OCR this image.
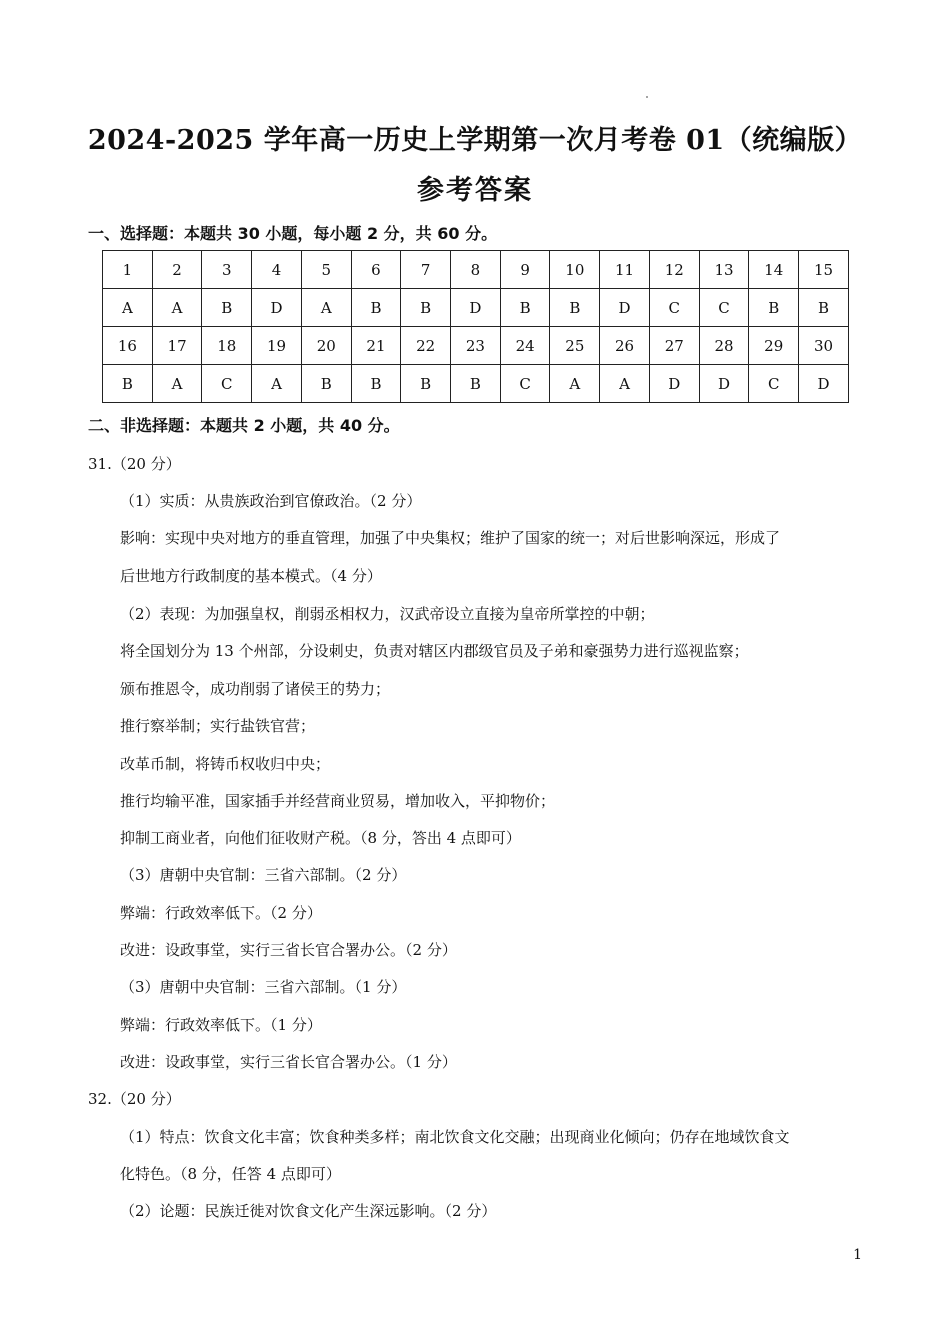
2024-2025 学年高一历史上学期第一次月考卷 01（统编版）
参考答案
一、选择题：本题共 30 小题，每小题 2 分，共 60 分。
1	2	3	4	5	6	7	8	9	10	11	12	13	14	15
A	A	B	D	A	B	B	D	B	B	D	C	C	B	B
16	17	18	19	20	21	22	23	24	25	26	27	28	29	30
B	A	C	A	B	B	B	B	C	A	A	D	D	C	D
二、非选择题：本题共 2 小题，共 40 分。
31.（20 分）
（1）实质：从贵族政治到官僚政治。（2 分）
影响：实现中央对地方的垂直管理，加强了中央集权；维护了国家的统一；对后世影响深远，形成了
后世地方行政制度的基本模式。（4 分）
（2）表现：为加强皇权，削弱丞相权力，汉武帝设立直接为皇帝所掌控的中朝；
将全国划分为 13 个州部，分设刺史，负责对辖区内郡级官员及子弟和豪强势力进行巡视监察；
颁布推恩令，成功削弱了诸侯王的势力；
推行察举制；实行盐铁官营；
改革币制，将铸币权收归中央；
推行均输平准，国家插手并经营商业贸易，增加收入，平抑物价；
抑制工商业者，向他们征收财产税。（8 分，答出 4 点即可）
（3）唐朝中央官制：三省六部制。（2 分）
弊端：行政效率低下。（2 分）
改进：设政事堂，实行三省长官合署办公。（2 分）
（3）唐朝中央官制：三省六部制。（1 分）
弊端：行政效率低下。（1 分）
改进：设政事堂，实行三省长官合署办公。（1 分）
32.（20 分）
（1）特点：饮食文化丰富；饮食种类多样；南北饮食文化交融；出现商业化倾向；仍存在地域饮食文
化特色。（8 分，任答 4 点即可）
（2）论题：民族迁徙对饮食文化产生深远影响。（2 分）
1
